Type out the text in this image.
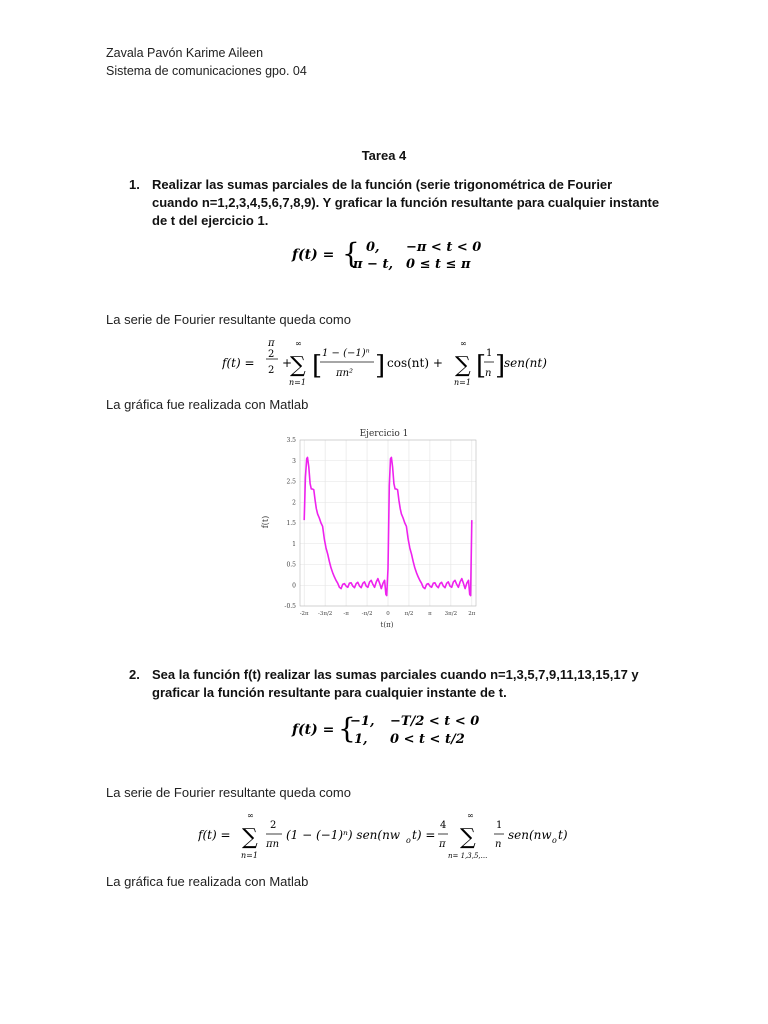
Zavala Pavón Karime Aileen
Sistema de comunicaciones gpo. 04
Tarea 4
1. Realizar las sumas parciales de la función (serie trigonométrica de Fourier cuando n=1,2,3,4,5,6,7,8,9). Y graficar la función resultante para cualquier instante de t del ejercicio 1.
f(t) = { 0, −π < t < 0
π − t, 0 ≤ t ≤ π
La serie de Fourier resultante queda como
f(t) =
π
2
2
+
∞
∑
n=1
[ 1 − (−1)ⁿ
πn² ] cos(nt) +
∞
∑
n=1
[ 1
n ]
sen(nt)
La gráfica fue realizada con Matlab
Ejercicio 1
f(t)
t(π)
-0.5
0
0.5
1
1.5
2
2.5
3
3.5
-2π -3π/2 -π -π/2	0	π/2	π 3π/2 2π
2. Sea la función f(t) realizar las sumas parciales cuando n=1,3,5,7,9,11,13,15,17 y graficar la función resultante para cualquier instante de t.
f(t) = {
−1, −T/2 < t < 0
1, 0 < t < t/2
La serie de Fourier resultante queda como
f(t) =
∞
∑
n=1
2
πn
(1 − (−1)ⁿ) sen(nw o t) =
4
π
∞
∑
n= 1,3,5,...
1
n
sen(nw o t)
La gráfica fue realizada con Matlab
